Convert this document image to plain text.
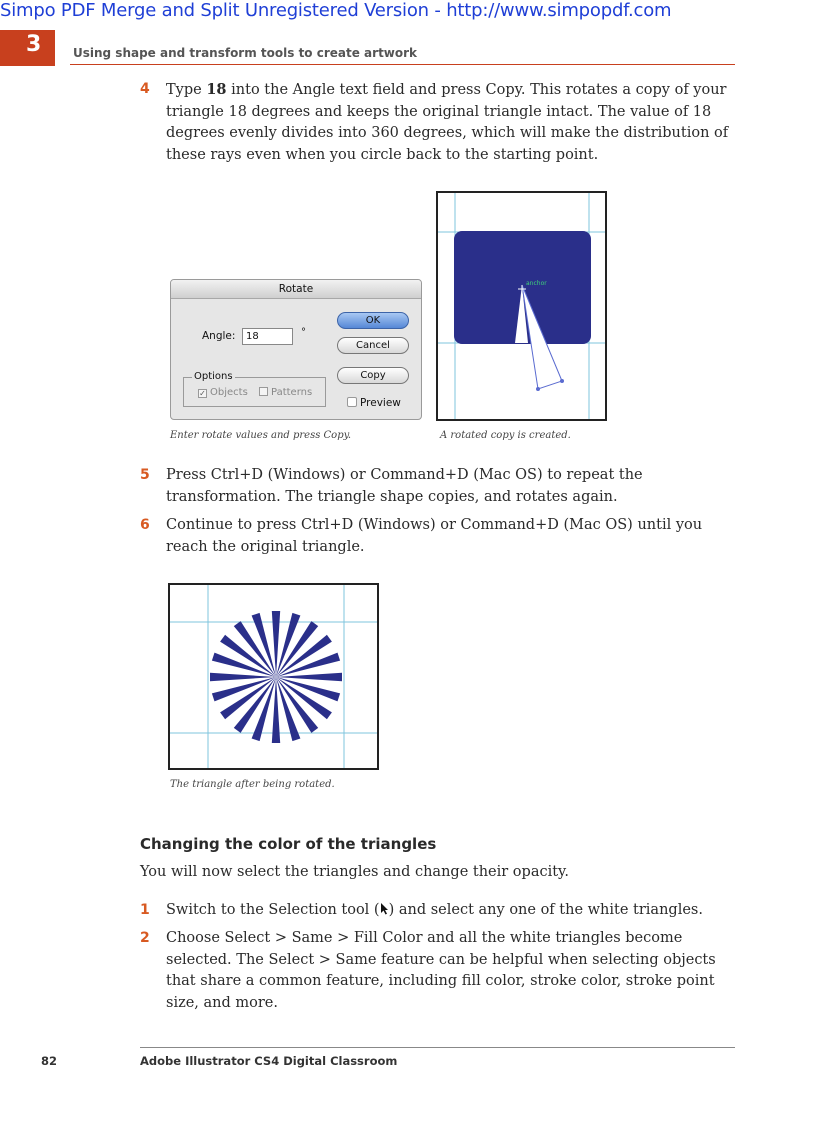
Simpo PDF Merge and Split Unregistered Version - http://www.simpopdf.com
3	Using shape and transform tools to create artwork
4 Type 18 into the Angle text field and press Copy. This rotates a copy of your triangle 18 degrees and keeps the original triangle intact. The value of 18 degrees evenly divides into 360 degrees, which will make the distribution of these rays even when you circle back to the starting point.
Rotate
Angle:	18	°
Options
✓ Objects	Patterns
OK
Cancel
Copy
Preview
anchor
Enter rotate values and press Copy.	A rotated copy is created.
5 Press Ctrl+D (Windows) or Command+D (Mac OS) to repeat the transformation. The triangle shape copies, and rotates again.
6 Continue to press Ctrl+D (Windows) or Command+D (Mac OS) until you reach the original triangle.
The triangle after being rotated.
Changing the color of the triangles
You will now select the triangles and change their opacity.
1 Switch to the Selection tool ( ) and select any one of the white triangles.
2 Choose Select > Same > Fill Color and all the white triangles become selected. The Select > Same feature can be helpful when selecting objects that share a common feature, including fill color, stroke color, stroke point size, and more.
82	Adobe Illustrator CS4 Digital Classroom
